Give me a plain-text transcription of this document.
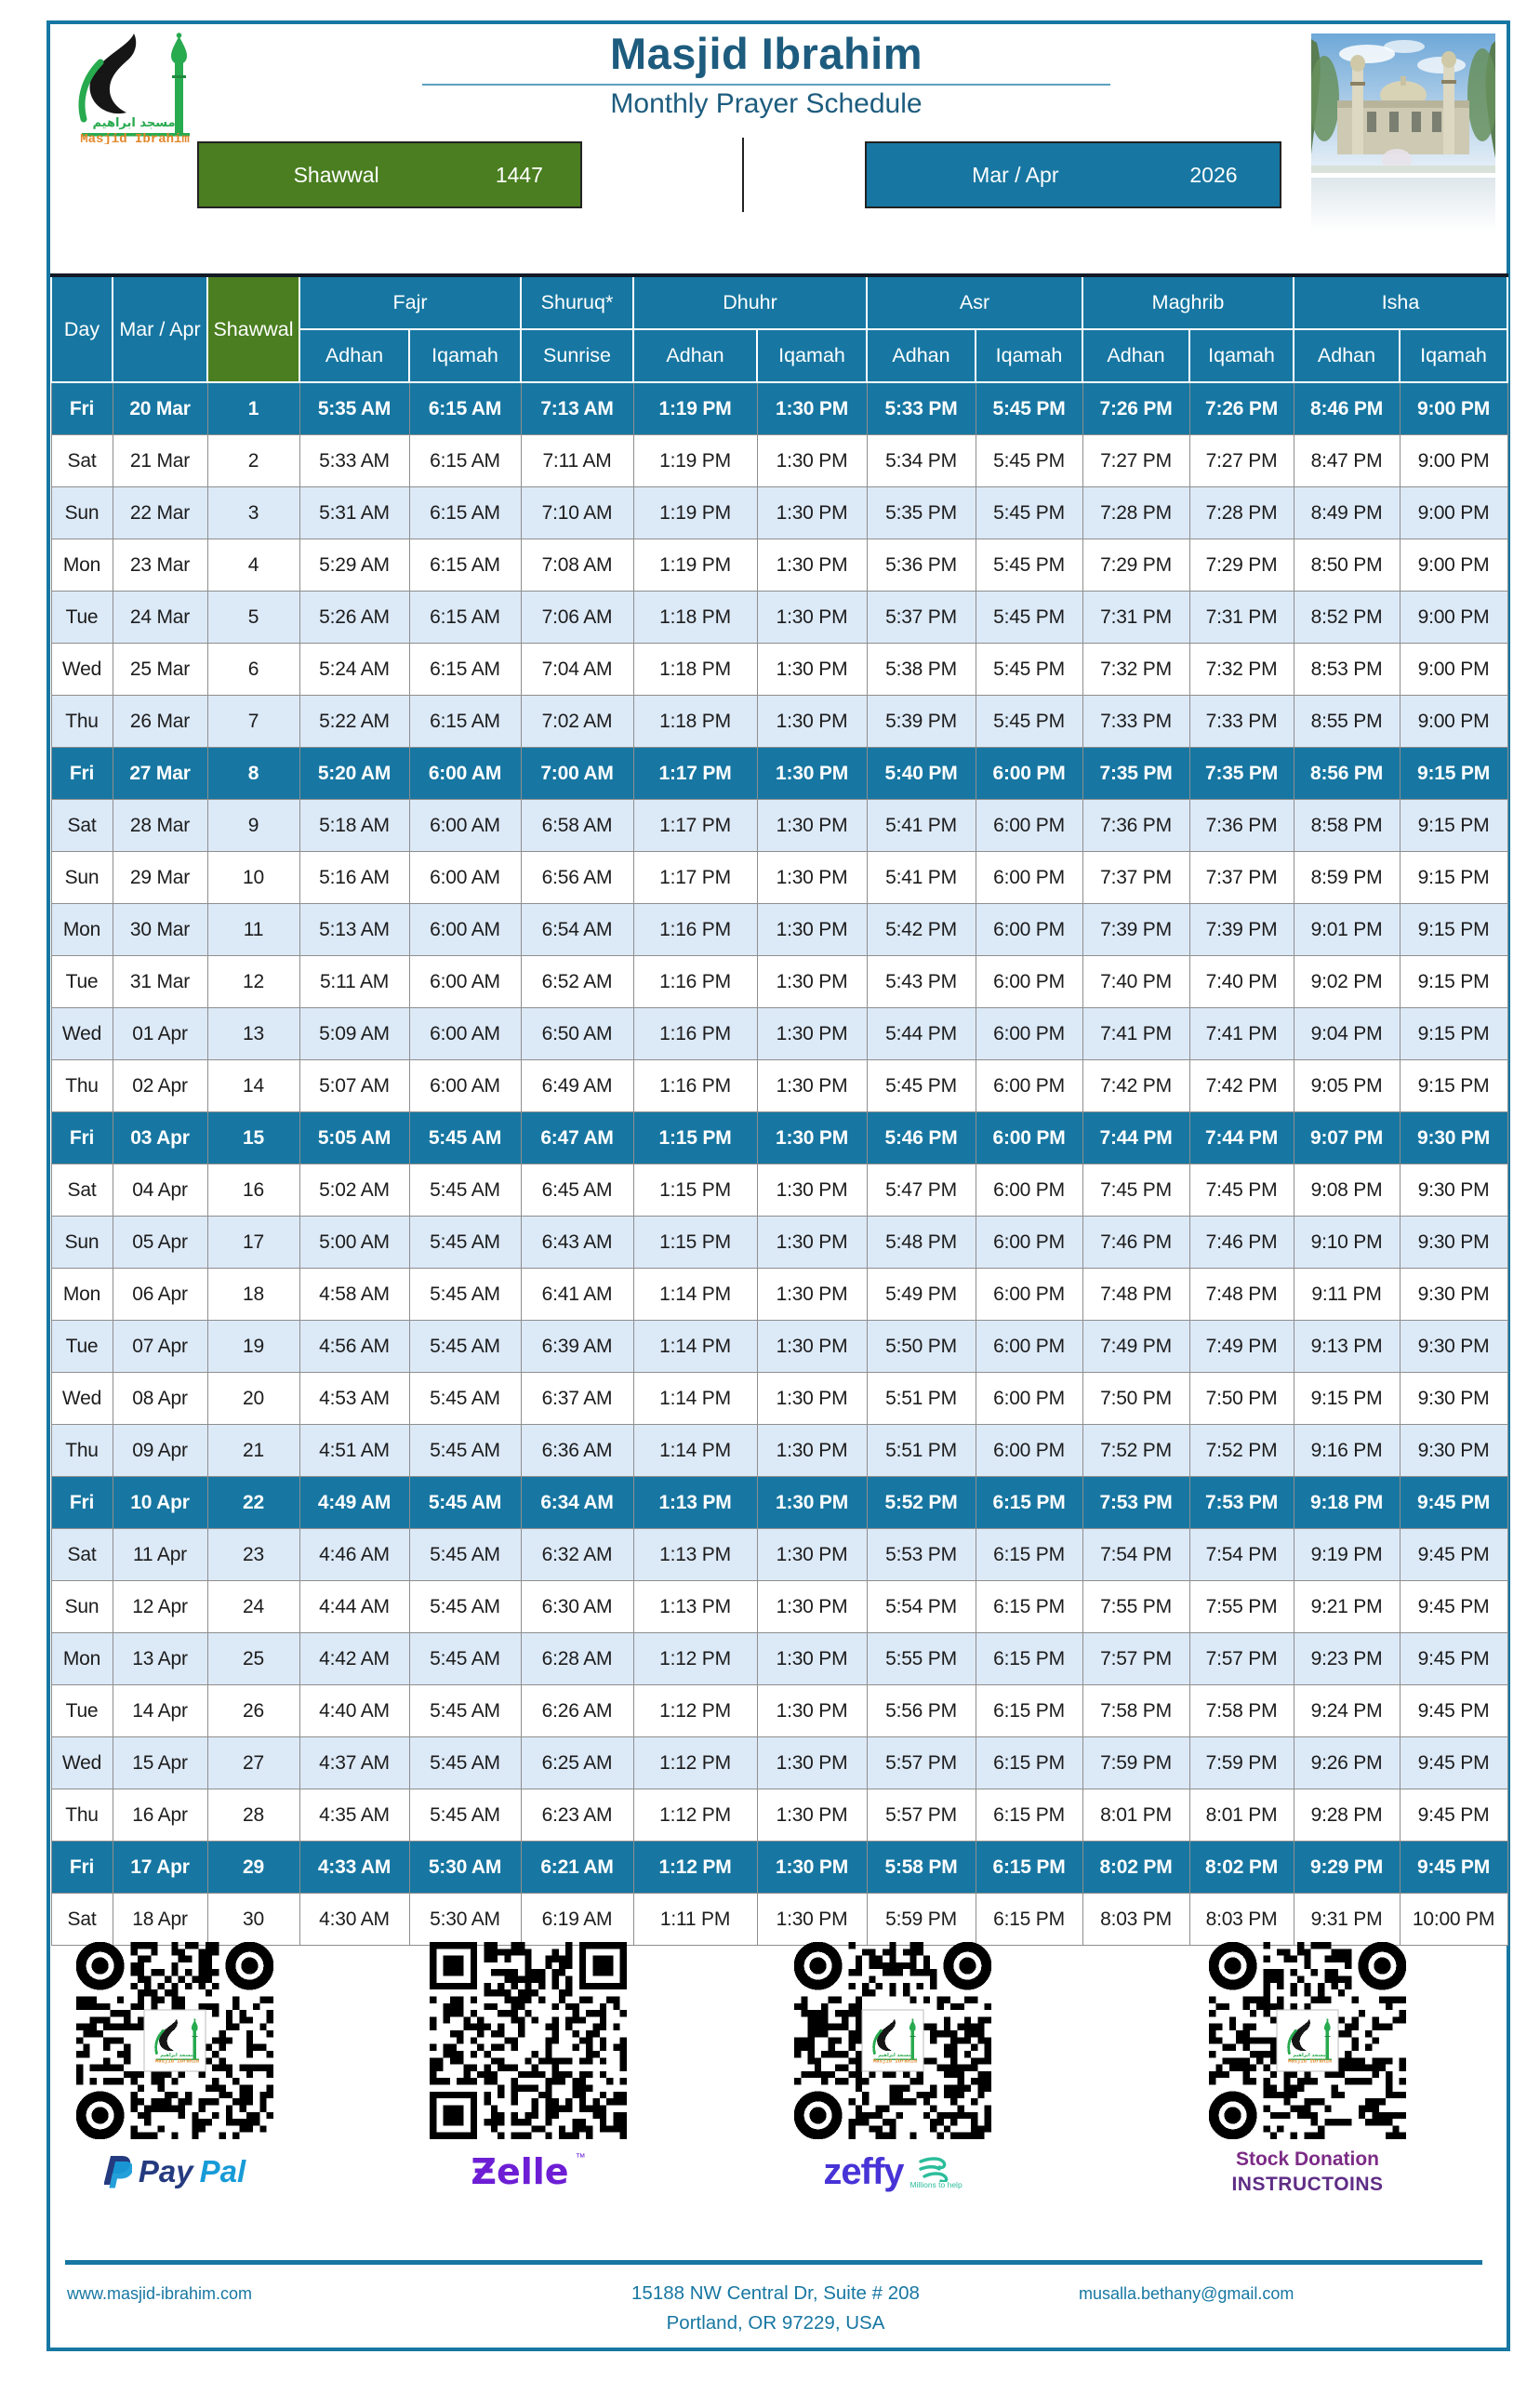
Masjid Ibrahim
Monthly Prayer Schedule
Shawwal	1447	Mar / Apr	2026
Day	Mar / Apr	Shawwal	Fajr		Shuruq*	Dhuhr		Asr		Maghrib		Isha	
			Adhan	Iqamah	Sunrise	Adhan	Iqamah	Adhan	Iqamah	Adhan	Iqamah	Adhan	Iqamah
Fri	20 Mar	1	5:35 AM	6:15 AM	7:13 AM	1:19 PM	1:30 PM	5:33 PM	5:45 PM	7:26 PM	7:26 PM	8:46 PM	9:00 PM
Sat	21 Mar	2	5:33 AM	6:15 AM	7:11 AM	1:19 PM	1:30 PM	5:34 PM	5:45 PM	7:27 PM	7:27 PM	8:47 PM	9:00 PM
Sun	22 Mar	3	5:31 AM	6:15 AM	7:10 AM	1:19 PM	1:30 PM	5:35 PM	5:45 PM	7:28 PM	7:28 PM	8:49 PM	9:00 PM
Mon	23 Mar	4	5:29 AM	6:15 AM	7:08 AM	1:19 PM	1:30 PM	5:36 PM	5:45 PM	7:29 PM	7:29 PM	8:50 PM	9:00 PM
Tue	24 Mar	5	5:26 AM	6:15 AM	7:06 AM	1:18 PM	1:30 PM	5:37 PM	5:45 PM	7:31 PM	7:31 PM	8:52 PM	9:00 PM
Wed	25 Mar	6	5:24 AM	6:15 AM	7:04 AM	1:18 PM	1:30 PM	5:38 PM	5:45 PM	7:32 PM	7:32 PM	8:53 PM	9:00 PM
Thu	26 Mar	7	5:22 AM	6:15 AM	7:02 AM	1:18 PM	1:30 PM	5:39 PM	5:45 PM	7:33 PM	7:33 PM	8:55 PM	9:00 PM
Fri	27 Mar	8	5:20 AM	6:00 AM	7:00 AM	1:17 PM	1:30 PM	5:40 PM	6:00 PM	7:35 PM	7:35 PM	8:56 PM	9:15 PM
Sat	28 Mar	9	5:18 AM	6:00 AM	6:58 AM	1:17 PM	1:30 PM	5:41 PM	6:00 PM	7:36 PM	7:36 PM	8:58 PM	9:15 PM
Sun	29 Mar	10	5:16 AM	6:00 AM	6:56 AM	1:17 PM	1:30 PM	5:41 PM	6:00 PM	7:37 PM	7:37 PM	8:59 PM	9:15 PM
Mon	30 Mar	11	5:13 AM	6:00 AM	6:54 AM	1:16 PM	1:30 PM	5:42 PM	6:00 PM	7:39 PM	7:39 PM	9:01 PM	9:15 PM
Tue	31 Mar	12	5:11 AM	6:00 AM	6:52 AM	1:16 PM	1:30 PM	5:43 PM	6:00 PM	7:40 PM	7:40 PM	9:02 PM	9:15 PM
Wed	01 Apr	13	5:09 AM	6:00 AM	6:50 AM	1:16 PM	1:30 PM	5:44 PM	6:00 PM	7:41 PM	7:41 PM	9:04 PM	9:15 PM
Thu	02 Apr	14	5:07 AM	6:00 AM	6:49 AM	1:16 PM	1:30 PM	5:45 PM	6:00 PM	7:42 PM	7:42 PM	9:05 PM	9:15 PM
Fri	03 Apr	15	5:05 AM	5:45 AM	6:47 AM	1:15 PM	1:30 PM	5:46 PM	6:00 PM	7:44 PM	7:44 PM	9:07 PM	9:30 PM
Sat	04 Apr	16	5:02 AM	5:45 AM	6:45 AM	1:15 PM	1:30 PM	5:47 PM	6:00 PM	7:45 PM	7:45 PM	9:08 PM	9:30 PM
Sun	05 Apr	17	5:00 AM	5:45 AM	6:43 AM	1:15 PM	1:30 PM	5:48 PM	6:00 PM	7:46 PM	7:46 PM	9:10 PM	9:30 PM
Mon	06 Apr	18	4:58 AM	5:45 AM	6:41 AM	1:14 PM	1:30 PM	5:49 PM	6:00 PM	7:48 PM	7:48 PM	9:11 PM	9:30 PM
Tue	07 Apr	19	4:56 AM	5:45 AM	6:39 AM	1:14 PM	1:30 PM	5:50 PM	6:00 PM	7:49 PM	7:49 PM	9:13 PM	9:30 PM
Wed	08 Apr	20	4:53 AM	5:45 AM	6:37 AM	1:14 PM	1:30 PM	5:51 PM	6:00 PM	7:50 PM	7:50 PM	9:15 PM	9:30 PM
Thu	09 Apr	21	4:51 AM	5:45 AM	6:36 AM	1:14 PM	1:30 PM	5:51 PM	6:00 PM	7:52 PM	7:52 PM	9:16 PM	9:30 PM
Fri	10 Apr	22	4:49 AM	5:45 AM	6:34 AM	1:13 PM	1:30 PM	5:52 PM	6:15 PM	7:53 PM	7:53 PM	9:18 PM	9:45 PM
Sat	11 Apr	23	4:46 AM	5:45 AM	6:32 AM	1:13 PM	1:30 PM	5:53 PM	6:15 PM	7:54 PM	7:54 PM	9:19 PM	9:45 PM
Sun	12 Apr	24	4:44 AM	5:45 AM	6:30 AM	1:13 PM	1:30 PM	5:54 PM	6:15 PM	7:55 PM	7:55 PM	9:21 PM	9:45 PM
Mon	13 Apr	25	4:42 AM	5:45 AM	6:28 AM	1:12 PM	1:30 PM	5:55 PM	6:15 PM	7:57 PM	7:57 PM	9:23 PM	9:45 PM
Tue	14 Apr	26	4:40 AM	5:45 AM	6:26 AM	1:12 PM	1:30 PM	5:56 PM	6:15 PM	7:58 PM	7:58 PM	9:24 PM	9:45 PM
Wed	15 Apr	27	4:37 AM	5:45 AM	6:25 AM	1:12 PM	1:30 PM	5:57 PM	6:15 PM	7:59 PM	7:59 PM	9:26 PM	9:45 PM
Thu	16 Apr	28	4:35 AM	5:45 AM	6:23 AM	1:12 PM	1:30 PM	5:57 PM	6:15 PM	8:01 PM	8:01 PM	9:28 PM	9:45 PM
Fri	17 Apr	29	4:33 AM	5:30 AM	6:21 AM	1:12 PM	1:30 PM	5:58 PM	6:15 PM	8:02 PM	8:02 PM	9:29 PM	9:45 PM
Sat	18 Apr	30	4:30 AM	5:30 AM	6:19 AM	1:11 PM	1:30 PM	5:59 PM	6:15 PM	8:03 PM	8:03 PM	9:31 PM	10:00 PM
Pay Pal	Ƶelle ™	zeffy Millions to help
Stock Donation
INSTRUCTOINS
www.masjid-ibrahim.com	15188 NW Central Dr, Suite # 208
Portland, OR 97229, USA
musalla.bethany@gmail.com
